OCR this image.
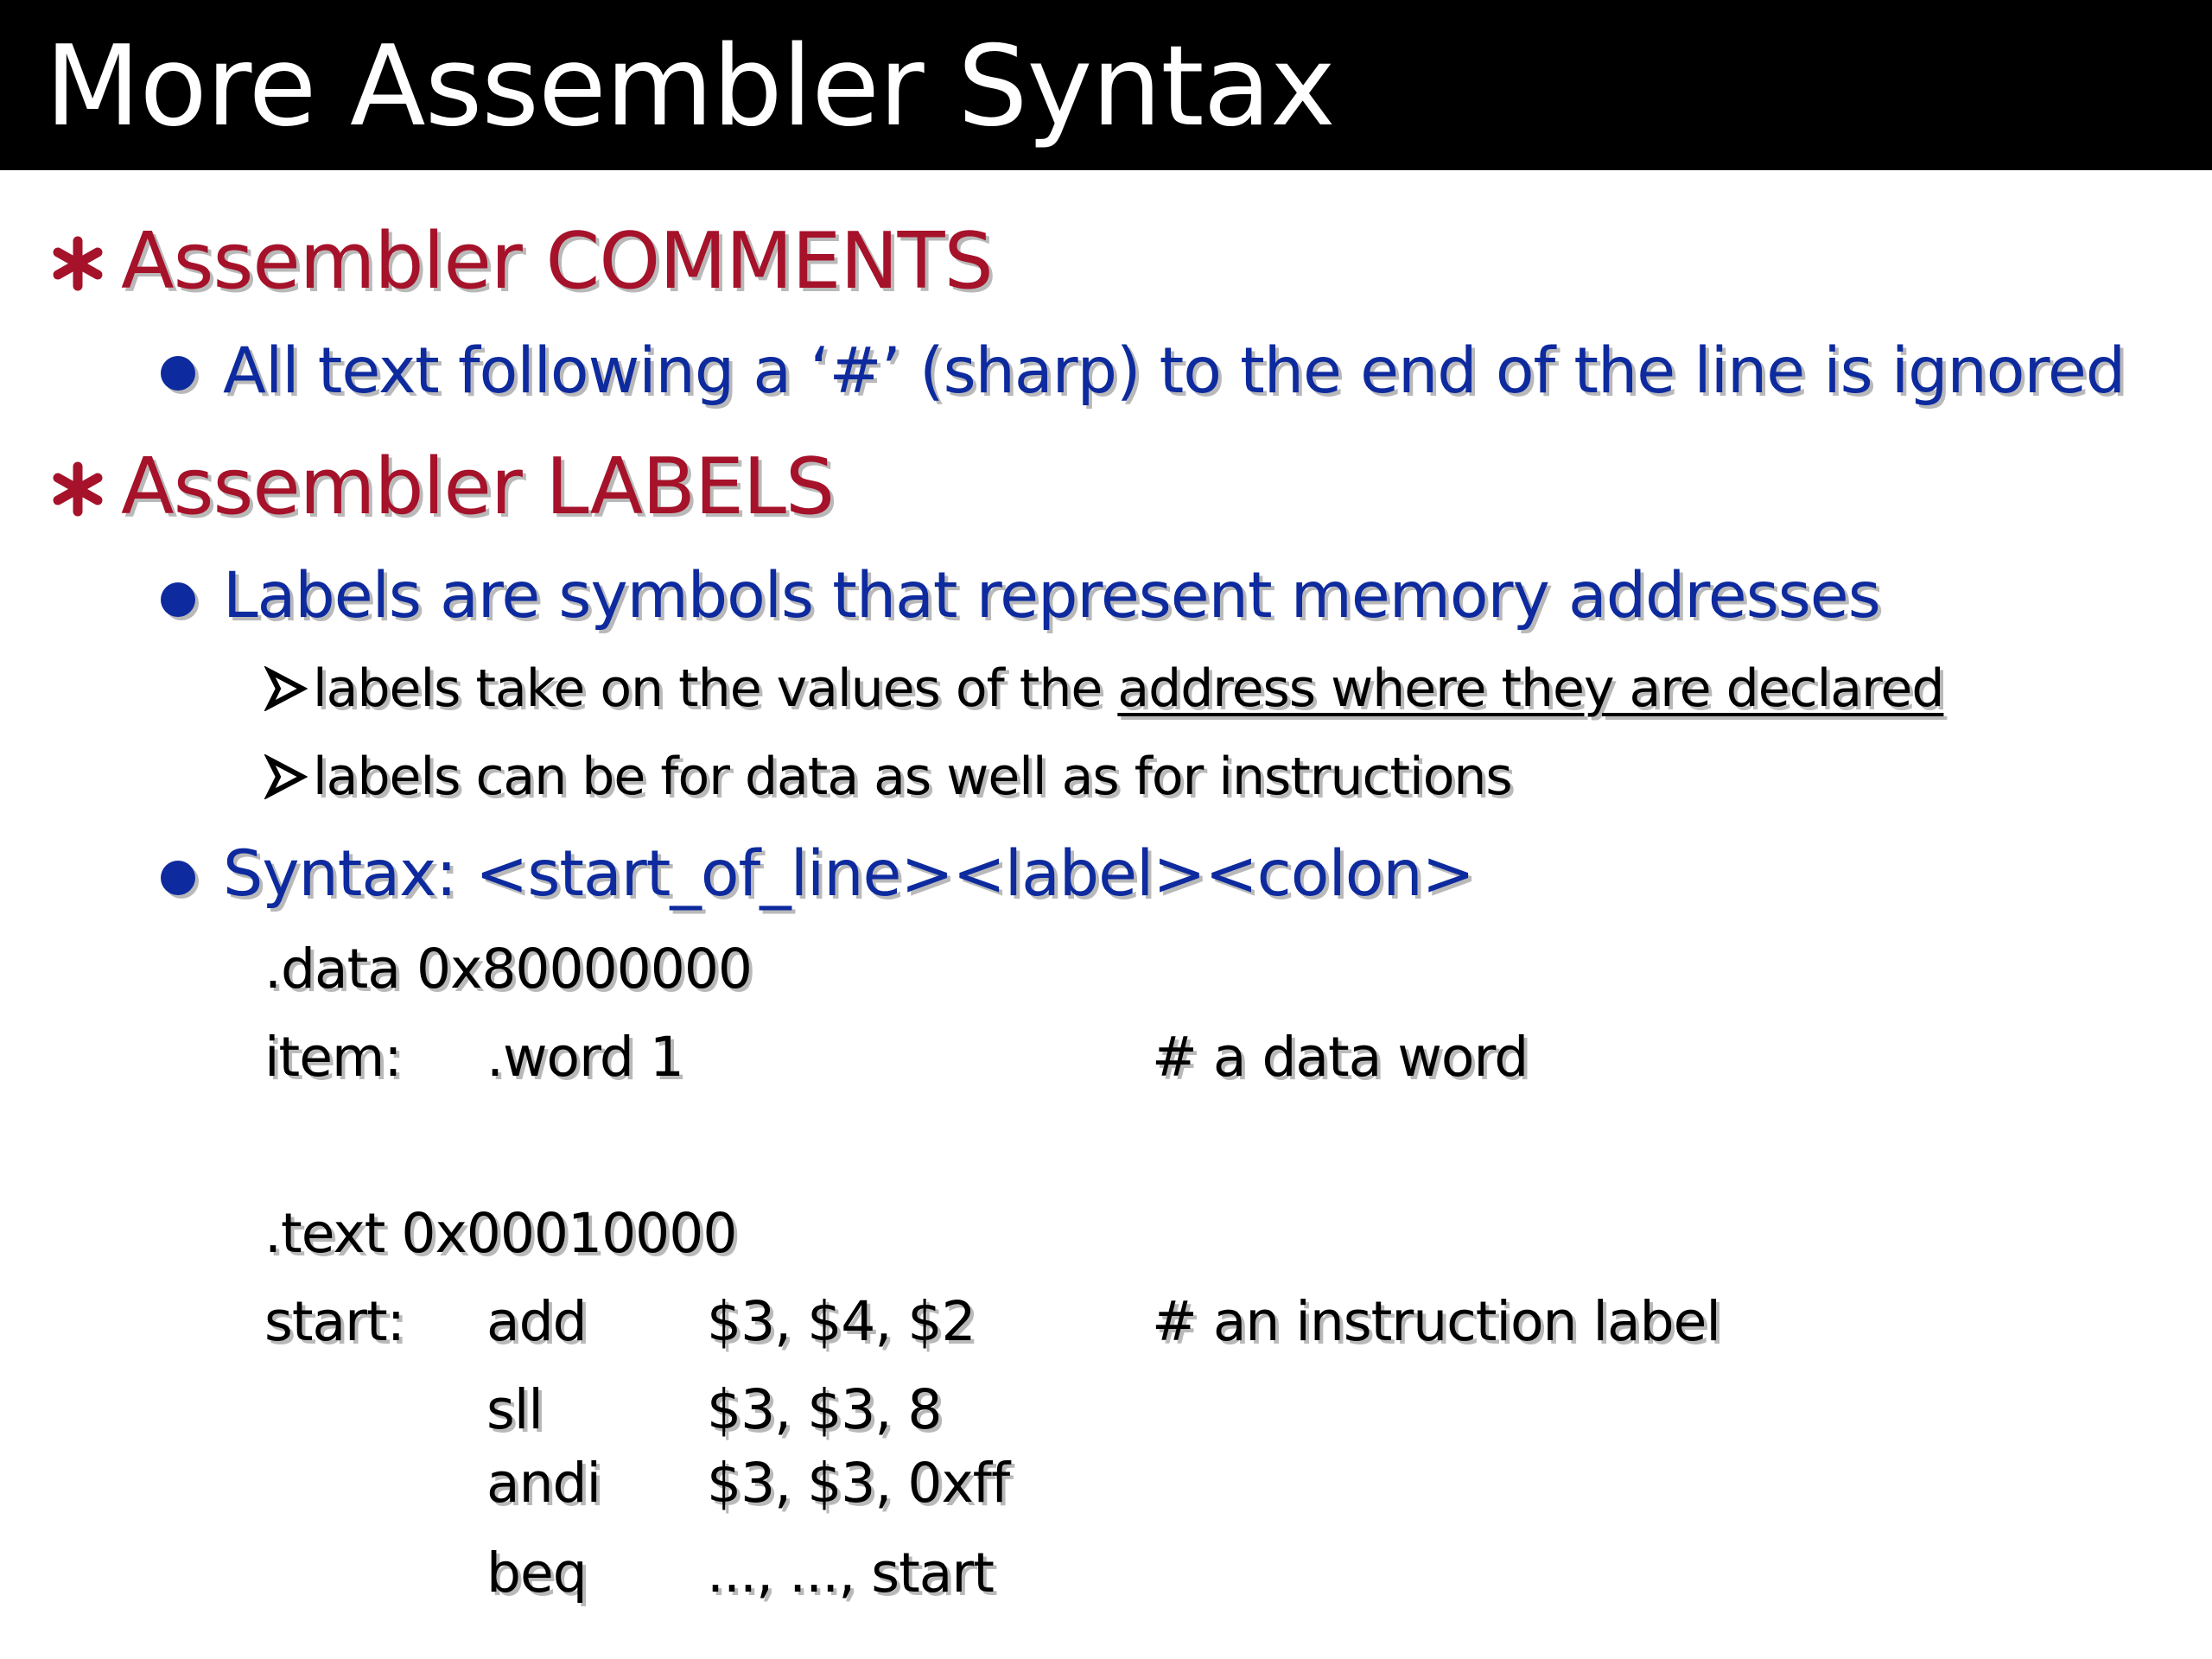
More Assembler Syntax
Assembler COMMENTS
All text following a ‘#’ (sharp) to the end of the line is ignored
Assembler LABELS
Labels are symbols that represent memory addresses
labels take on the values of the address where they are declared
labels can be for data as well as for instructions
Syntax: <start_of_line><label><colon>
.data 0x80000000
item: .word 1	# a data word
.text 0x00010000
start: add $3, $4, $2	# an instruction label
sll	$3, $3, 8
andi $3, $3, 0xff
beq ..., ..., start
